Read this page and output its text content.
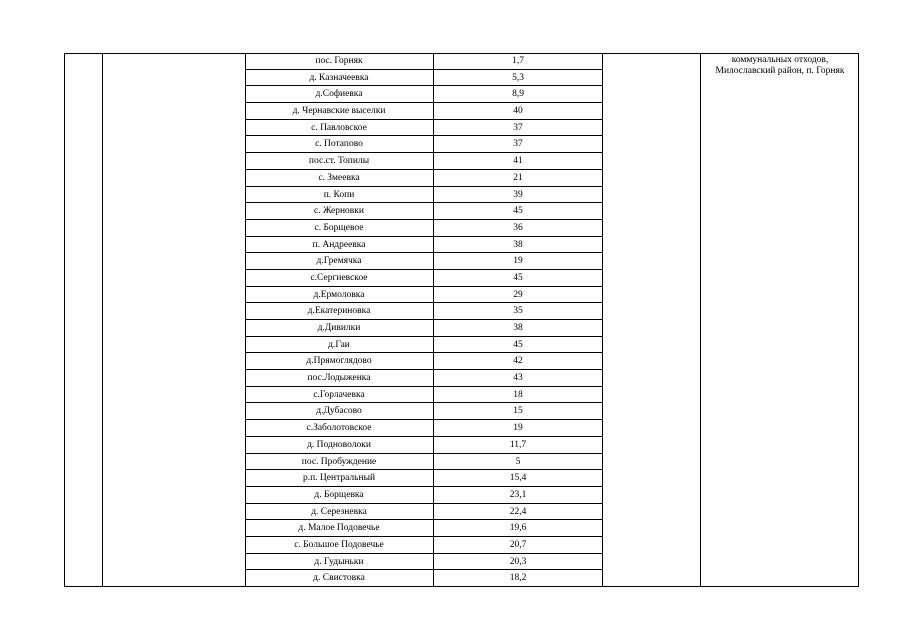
пос. Горняк	1,7
д. Казначеевка	5,3
д.Софиевка	8,9
д. Чернавские выселки	40
с. Павловское	37
с. Потапово	37
пос.ст. Топилы	41
с. Змеевка	21
п. Копи	39
с. Жерновки	45
с. Борщевое	36
п. Андреевка	38
д.Гремячка	19
с.Сергиевское	45
д.Ермоловка	29
д.Екатериновка	35
д.Дивилки	38
д.Гаи	45
д.Прямоглядово	42
пос.Лодыженка	43
с.Горлачевка	18
д.Дубасово	15
с.Заболотовское	19
д. Подноволоки	11,7
пос. Пробуждение	5
р.п. Центральный	15,4
д. Борщевка	23,1
д. Серезневка	22,4
д. Малое Подовечье	19,6
с. Большое Подовечье	20,7
д. Гудыньки	20,3
д. Свистовка	18,2
коммунальных отходов, Милославский район, п. Горняк
